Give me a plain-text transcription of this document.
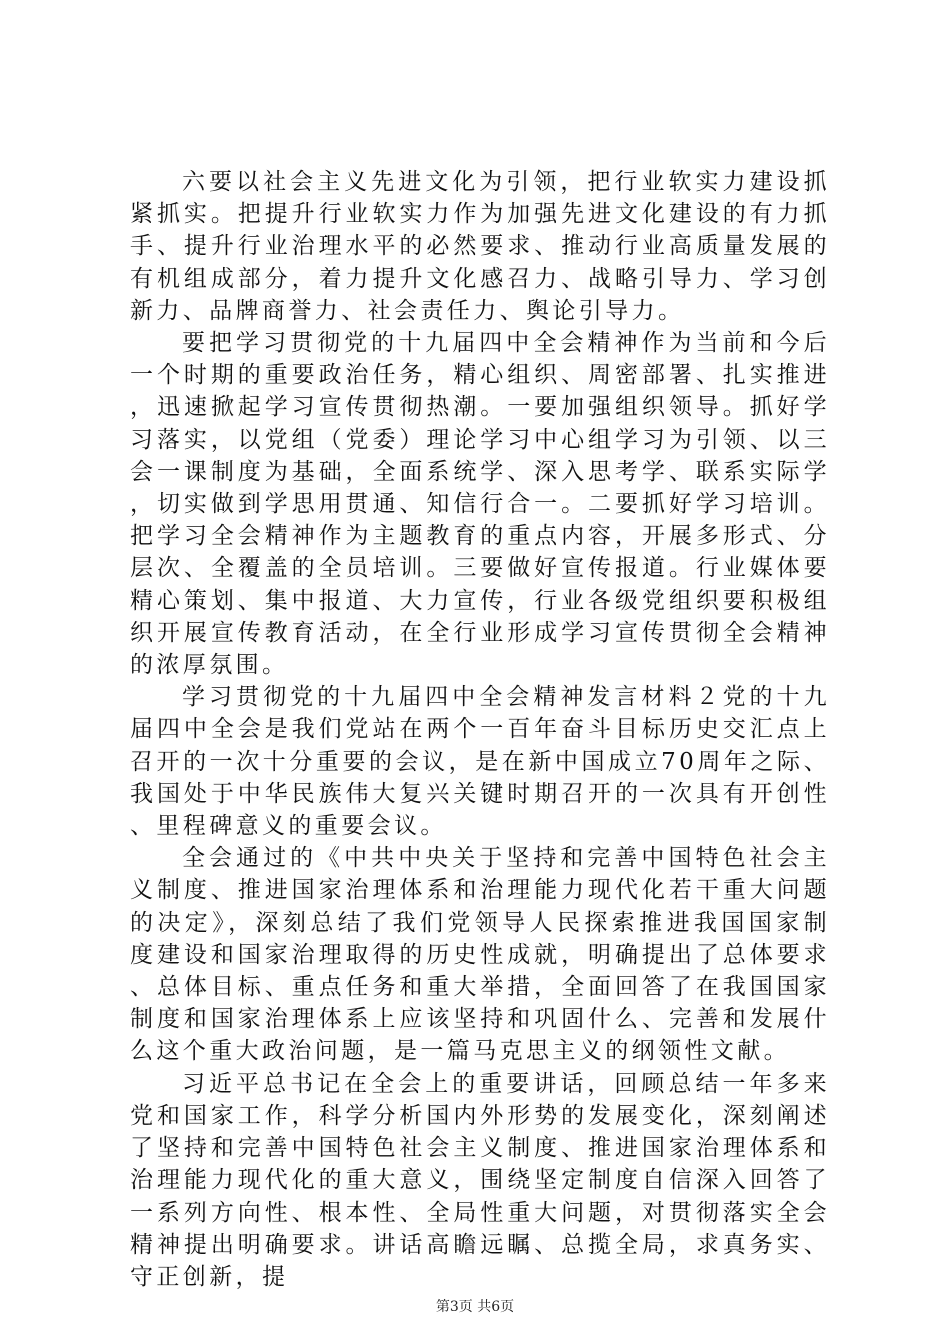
六要以社会主义先进文化为引领，把行业软实力建设抓紧抓实。把提升行业软实力作为加强先进文化建设的有力抓手、提升行业治理水平的必然要求、推动行业高质量发展的有机组成部分，着力提升文化感召力、战略引导力、学习创新力、品牌商誉力、社会责任力、舆论引导力。

要把学习贯彻党的十九届四中全会精神作为当前和今后一个时期的重要政治任务，精心组织、周密部署、扎实推进，迅速掀起学习宣传贯彻热潮。一要加强组织领导。抓好学习落实，以党组（党委）理论学习中心组学习为引领、以三会一课制度为基础，全面系统学、深入思考学、联系实际学，切实做到学思用贯通、知信行合一。二要抓好学习培训。把学习全会精神作为主题教育的重点内容，开展多形式、分层次、全覆盖的全员培训。三要做好宣传报道。行业媒体要精心策划、集中报道、大力宣传，行业各级党组织要积极组织开展宣传教育活动，在全行业形成学习宣传贯彻全会精神的浓厚氛围。

学习贯彻党的十九届四中全会精神发言材料２党的十九届四中全会是我们党站在两个一百年奋斗目标历史交汇点上召开的一次十分重要的会议，是在新中国成立70周年之际、我国处于中华民族伟大复兴关键时期召开的一次具有开创性、里程碑意义的重要会议。

全会通过的《中共中央关于坚持和完善中国特色社会主义制度、推进国家治理体系和治理能力现代化若干重大问题的决定》，深刻总结了我们党领导人民探索推进我国国家制度建设和国家治理取得的历史性成就，明确提出了总体要求、总体目标、重点任务和重大举措，全面回答了在我国国家制度和国家治理体系上应该坚持和巩固什么、完善和发展什么这个重大政治问题，是一篇马克思主义的纲领性文献。

习近平总书记在全会上的重要讲话，回顾总结一年多来党和国家工作，科学分析国内外形势的发展变化，深刻阐述了坚持和完善中国特色社会主义制度、推进国家治理体系和治理能力现代化的重大意义，围绕坚定制度自信深入回答了一系列方向性、根本性、全局性重大问题，对贯彻落实全会精神提出明确要求。讲话高瞻远瞩、总揽全局，求真务实、守正创新，提

第3页 共6页
